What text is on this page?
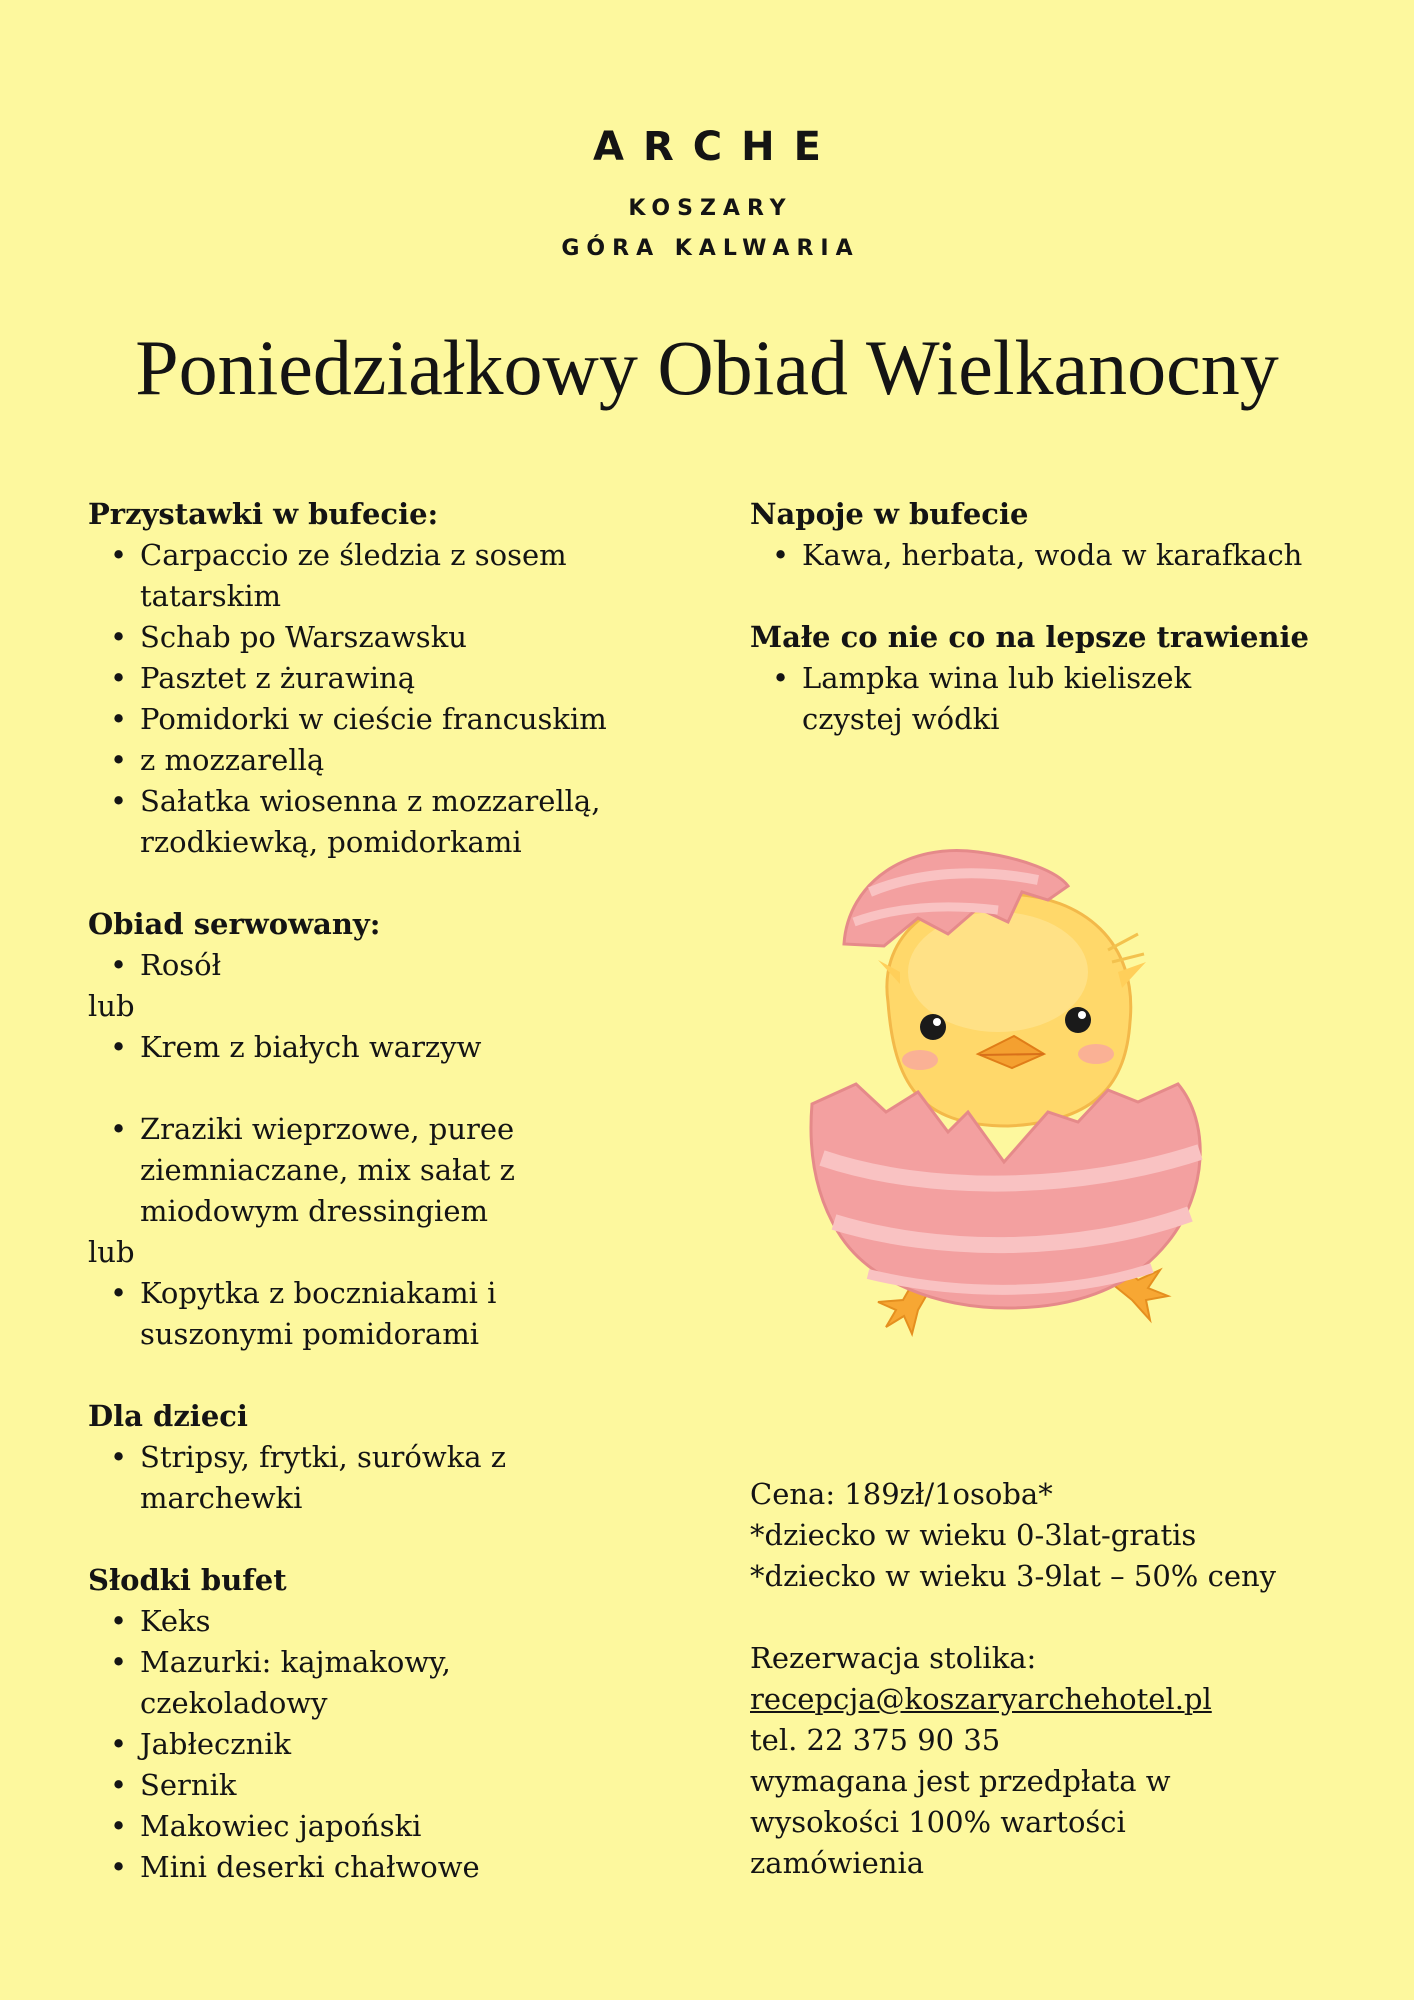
ARCHE
KOSZARY
GÓRA KALWARIA
Poniedziałkowy Obiad Wielkanocny
Przystawki w bufecie:
• Carpaccio ze śledzia z sosem tatarskim
• Schab po Warszawsku
• Pasztet z żurawiną
• Pomidorki w cieście francuskim
• z mozzarellą
• Sałatka wiosenna z mozzarellą, rzodkiewką, pomidorkami
Obiad serwowany:
• Rosół

lub

• Krem z białych warzyw
• Zraziki wieprzowe, puree ziemniaczane, mix sałat z miodowym dressingiem

lub

• Kopytka z boczniakami i suszonymi pomidorami
Dla dzieci
• Stripsy, frytki, surówka z marchewki
Słodki bufet
• Keks
• Mazurki: kajmakowy, czekoladowy
• Jabłecznik
• Sernik
• Makowiec japoński
• Mini deserki chałwowe
Napoje w bufecie
• Kawa, herbata, woda w karafkach
Małe co nie co na lepsze trawienie
• Lampka wina lub kieliszek czystej wódki
Cena: 189zł/1osoba*
*dziecko w wieku 0-3lat-gratis
*dziecko w wieku 3-9lat – 50% ceny
Rezerwacja stolika:
recepcja@koszaryarchehotel.pl
tel. 22 375 90 35
wymagana jest przedpłata w wysokości 100% wartości zamówienia
